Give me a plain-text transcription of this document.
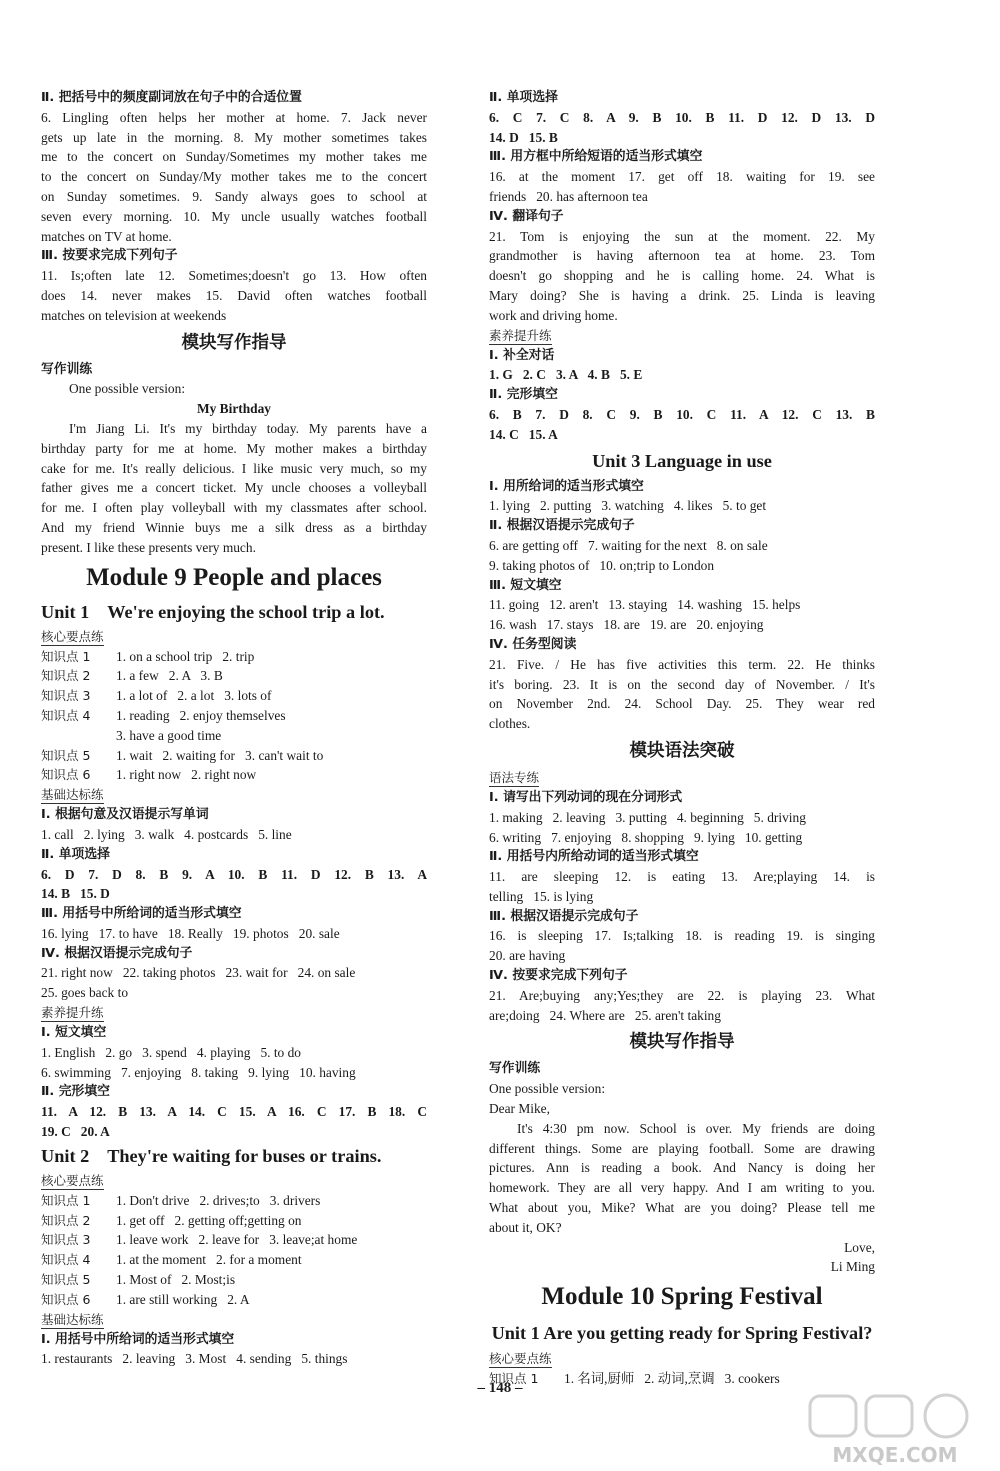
Ⅱ. 把括号中的频度副词放在句子中的合适位置
6. Lingling often helps her mother at home. 7. Jack never
gets up late in the morning. 8. My mother sometimes takes
me to the concert on Sunday/Sometimes my mother takes me
to the concert on Sunday/My mother takes me to the concert
on Sunday sometimes. 9. Sandy always goes to school at
seven every morning. 10. My uncle usually watches football
matches on TV at home.
Ⅲ. 按要求完成下列句子
11. Is;often late 12. Sometimes;doesn't go 13. How often
does 14. never makes 15. David often watches football
matches on television at weekends
模块写作指导
写作训练
One possible version:
My Birthday
I'm Jiang Li. It's my birthday today. My parents have a
birthday party for me at home. My mother makes a birthday
cake for me. It's really delicious. I like music very much, so my
father gives me a concert ticket. My uncle chooses a volleyball
for me. I often play volleyball with my classmates after school.
And my friend Winnie buys me a silk dress as a birthday
present. I like these presents very much.
Module 9 People and places
Unit 1    We're enjoying the school trip a lot.
核心要点练
知识点 1 1. on a school trip   2. trip
知识点 2 1. a few   2. A   3. B
知识点 3 1. a lot of   2. a lot   3. lots of
知识点 4 1. reading   2. enjoy themselves
3. have a good time
知识点 5 1. wait   2. waiting for   3. can't wait to
知识点 6 1. right now   2. right now
基础达标练
Ⅰ. 根据句意及汉语提示写单词
1. call   2. lying   3. walk   4. postcards   5. line
Ⅱ. 单项选择
6. D 7. D 8. B 9. A 10. B 11. D 12. B 13. A
14. B   15. D
Ⅲ. 用括号中所给词的适当形式填空
16. lying   17. to have   18. Really   19. photos   20. sale
Ⅳ. 根据汉语提示完成句子
21. right now   22. taking photos   23. wait for   24. on sale
25. goes back to
素养提升练
Ⅰ. 短文填空
1. English   2. go   3. spend   4. playing   5. to do
6. swimming   7. enjoying   8. taking   9. lying   10. having
Ⅱ. 完形填空
11. A 12. B 13. A 14. C 15. A 16. C 17. B 18. C
19. C   20. A
Unit 2    They're waiting for buses or trains.
核心要点练
知识点 1 1. Don't drive   2. drives;to   3. drivers
知识点 2 1. get off   2. getting off;getting on
知识点 3 1. leave work   2. leave for   3. leave;at home
知识点 4 1. at the moment   2. for a moment
知识点 5 1. Most of   2. Most;is
知识点 6 1. are still working   2. A
基础达标练
Ⅰ. 用括号中所给词的适当形式填空
1. restaurants   2. leaving   3. Most   4. sending   5. things
Ⅱ. 单项选择
6. C 7. C 8. A 9. B 10. B 11. D 12. D 13. D
14. D   15. B
Ⅲ. 用方框中所给短语的适当形式填空
16. at the moment 17. get off 18. waiting for 19. see
friends   20. has afternoon tea
Ⅳ. 翻译句子
21. Tom is enjoying the sun at the moment. 22. My
grandmother is having afternoon tea at home. 23. Tom
doesn't go shopping and he is calling home. 24. What is
Mary doing? She is having a drink. 25. Linda is leaving
work and driving home.
素养提升练
Ⅰ. 补全对话
1. G   2. C   3. A   4. B   5. E
Ⅱ. 完形填空
6. B 7. D 8. C 9. B 10. C 11. A 12. C 13. B
14. C   15. A
Unit 3 Language in use
Ⅰ. 用所给词的适当形式填空
1. lying   2. putting   3. watching   4. likes   5. to get
Ⅱ. 根据汉语提示完成句子
6. are getting off   7. waiting for the next   8. on sale
9. taking photos of   10. on;trip to London
Ⅲ. 短文填空
11. going   12. aren't   13. staying   14. washing   15. helps
16. wash   17. stays   18. are   19. are   20. enjoying
Ⅳ. 任务型阅读
21. Five. / He has five activities this term. 22. He thinks
it's boring. 23. It is on the second day of November. / It's
on November 2nd. 24. School Day. 25. They wear red
clothes.
模块语法突破
语法专练
Ⅰ. 请写出下列动词的现在分词形式
1. making   2. leaving   3. putting   4. beginning   5. driving
6. writing   7. enjoying   8. shopping   9. lying   10. getting
Ⅱ. 用括号内所给动词的适当形式填空
11. are sleeping 12. is eating 13. Are;playing 14. is
telling   15. is lying
Ⅲ. 根据汉语提示完成句子
16. is sleeping 17. Is;talking 18. is reading 19. is singing
20. are having
Ⅳ. 按要求完成下列句子
21. Are;buying any;Yes;they are 22. is playing 23. What
are;doing   24. Where are   25. aren't taking
模块写作指导
写作训练
One possible version:
Dear Mike,
It's 4:30 pm now. School is over. My friends are doing
different things. Some are playing football. Some are drawing
pictures. Ann is reading a book. And Nancy is doing her
homework. They are all very happy. And I am writing to you.
What about you, Mike? What are you doing? Please tell me
about it, OK?
Love,
Li Ming
Module 10 Spring Festival
Unit 1 Are you getting ready for Spring Festival?
核心要点练
知识点 1 1. 名词,厨师   2. 动词,烹调   3. cookers
– 148 –
MXQE.COM
